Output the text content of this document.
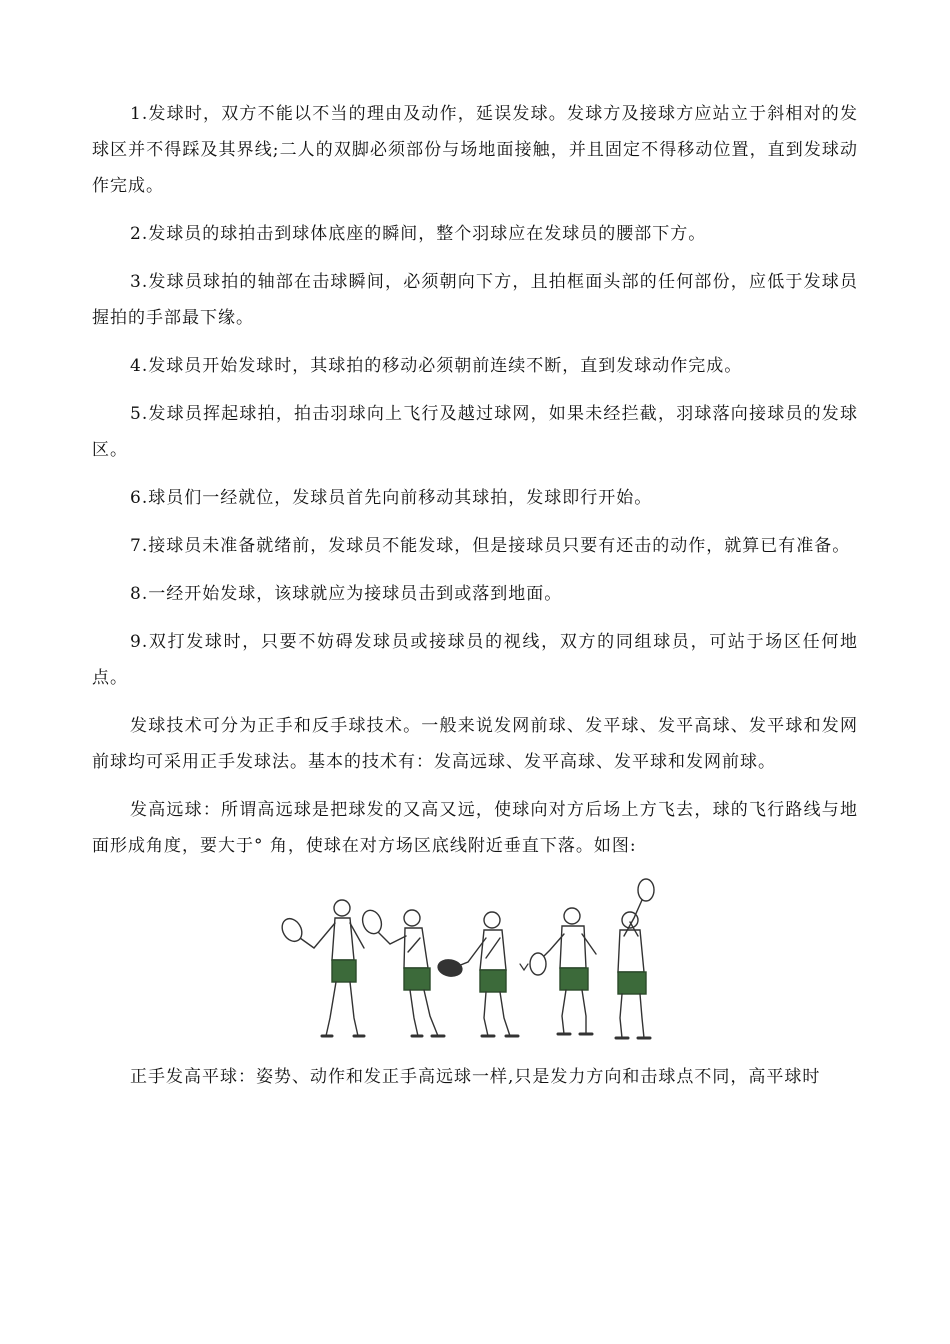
1.发球时，双方不能以不当的理由及动作，延误发球。发球方及接球方应站立于斜相对的发球区并不得踩及其界线;二人的双脚必须部份与场地面接触，并且固定不得移动位置，直到发球动作完成。

2.发球员的球拍击到球体底座的瞬间，整个羽球应在发球员的腰部下方。

3.发球员球拍的轴部在击球瞬间，必须朝向下方，且拍框面头部的任何部份，应低于发球员握拍的手部最下缘。

4.发球员开始发球时，其球拍的移动必须朝前连续不断，直到发球动作完成。

5.发球员挥起球拍，拍击羽球向上飞行及越过球网，如果未经拦截，羽球落向接球员的发球区。

6.球员们一经就位，发球员首先向前移动其球拍，发球即行开始。

7.接球员未准备就绪前，发球员不能发球，但是接球员只要有还击的动作，就算已有准备。

8.一经开始发球，该球就应为接球员击到或落到地面。

9.双打发球时，只要不妨碍发球员或接球员的视线，双方的同组球员，可站于场区任何地点。

发球技术可分为正手和反手球技术。一般来说发网前球、发平球、发平高球、发平球和发网前球均可采用正手发球法。基本的技术有：发高远球、发平高球、发平球和发网前球。

发高远球：所谓高远球是把球发的又高又远，使球向对方后场上方飞去，球的飞行路线与地面形成角度，要大于° 角，使球在对方场区底线附近垂直下落。如图:

正手发高平球：姿势、动作和发正手高远球一样,只是发力方向和击球点不同，高平球时
